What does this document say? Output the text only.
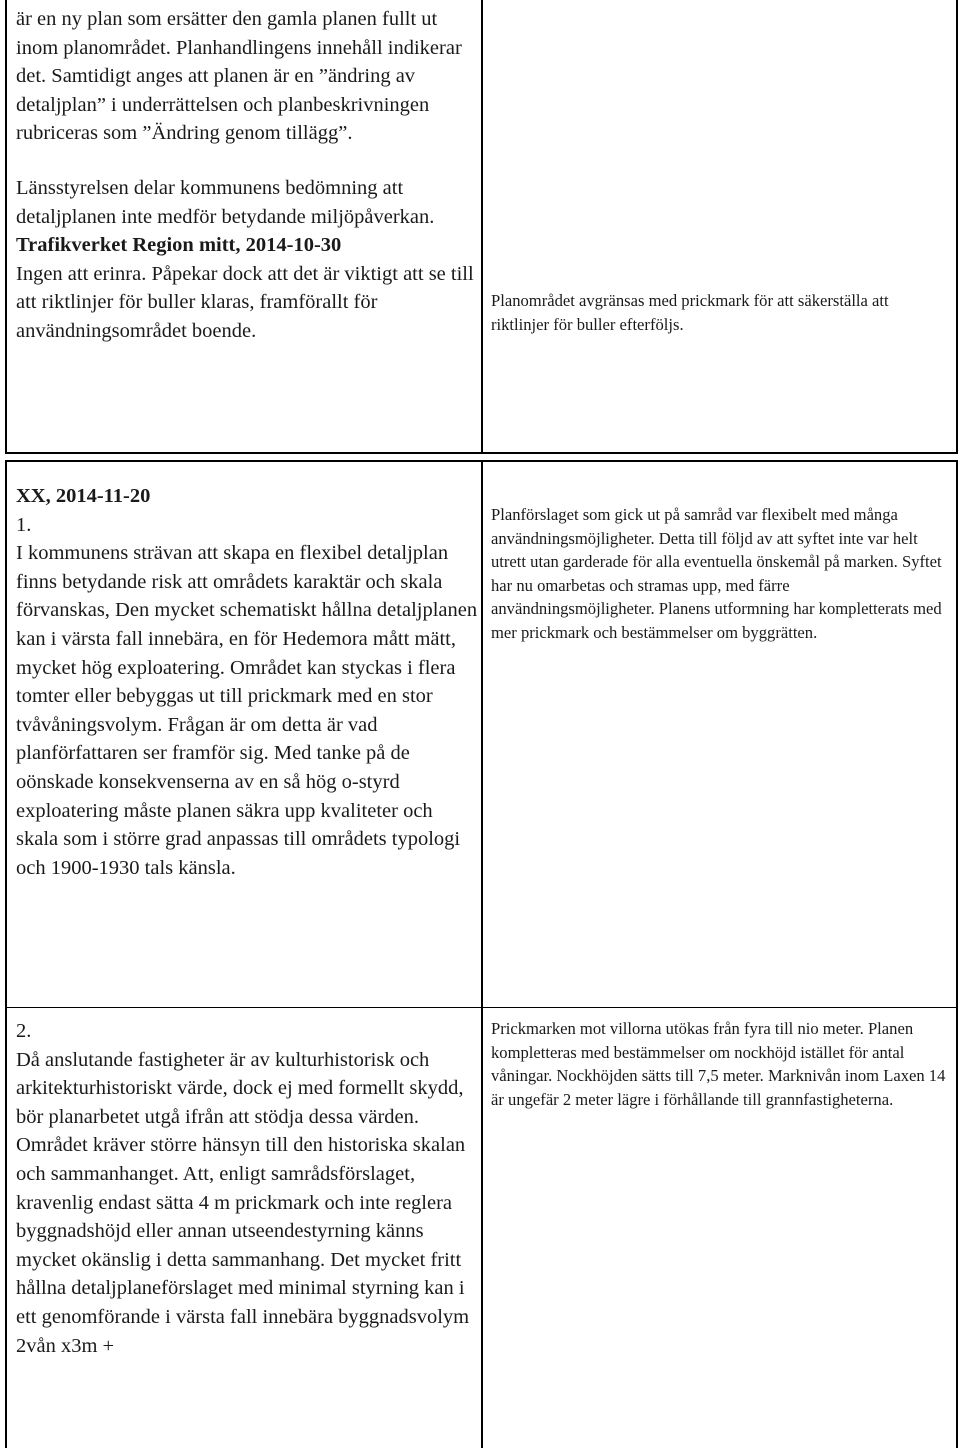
är en ny plan som ersätter den gamla planen fullt ut inom planområdet. Planhandlingens innehåll indikerar det. Samtidigt anges att planen är en ”ändring av detaljplan” i underrättelsen och planbeskrivningen rubriceras som ”Ändring genom tillägg”.

Länsstyrelsen delar kommunens bedömning att detaljplanen inte medför betydande miljöpåverkan.

Trafikverket Region mitt, 2014-10-30

Ingen att erinra. Påpekar dock att det är viktigt att se till att riktlinjer för buller klaras, framförallt för användningsområdet boende.

Planområdet avgränsas med prickmark för att säkerställa att riktlinjer för buller efterföljs.

XX, 2014-11-20

1.

I kommunens strävan att skapa en flexibel detaljplan finns betydande risk att områdets karaktär och skala förvanskas, Den mycket schematiskt hållna detaljplanen kan i värsta fall innebära, en för Hedemora mått mätt, mycket hög exploatering. Området kan styckas i flera tomter eller bebyggas ut till prickmark med en stor tvåvåningsvolym. Frågan är om detta är vad planförfattaren ser framför sig. Med tanke på de oönskade konsekvenserna av en så hög o-styrd exploatering måste planen säkra upp kvaliteter och skala som i större grad anpassas till områdets typologi och 1900-1930 tals känsla.

Planförslaget som gick ut på samråd var flexibelt med många användningsmöjligheter. Detta till följd av att syftet inte var helt utrett utan garderade för alla eventuella önskemål på marken. Syftet har nu omarbetas och stramas upp, med färre användningsmöjligheter. Planens utformning har kompletterats med mer prickmark och bestämmelser om byggrätten.

2.

Då anslutande fastigheter är av kulturhistorisk och arkitekturhistoriskt värde, dock ej med formellt skydd, bör planarbetet utgå ifrån att stödja dessa värden. Området kräver större hänsyn till den historiska skalan och sammanhanget. Att, enligt samrådsförslaget, kravenlig endast sätta 4 m prickmark och inte reglera byggnadshöjd eller annan utseendestyrning känns mycket okänslig i detta sammanhang. Det mycket fritt hållna detaljplaneförslaget med minimal styrning kan i ett genomförande i värsta fall innebära byggnadsvolym 2vån x3m +

Prickmarken mot villorna utökas från fyra till nio meter. Planen kompletteras med bestämmelser om nockhöjd istället för antal våningar. Nockhöjden sätts till 7,5 meter. Marknivån inom Laxen 14 är ungefär 2 meter lägre i förhållande till grannfastigheterna.
